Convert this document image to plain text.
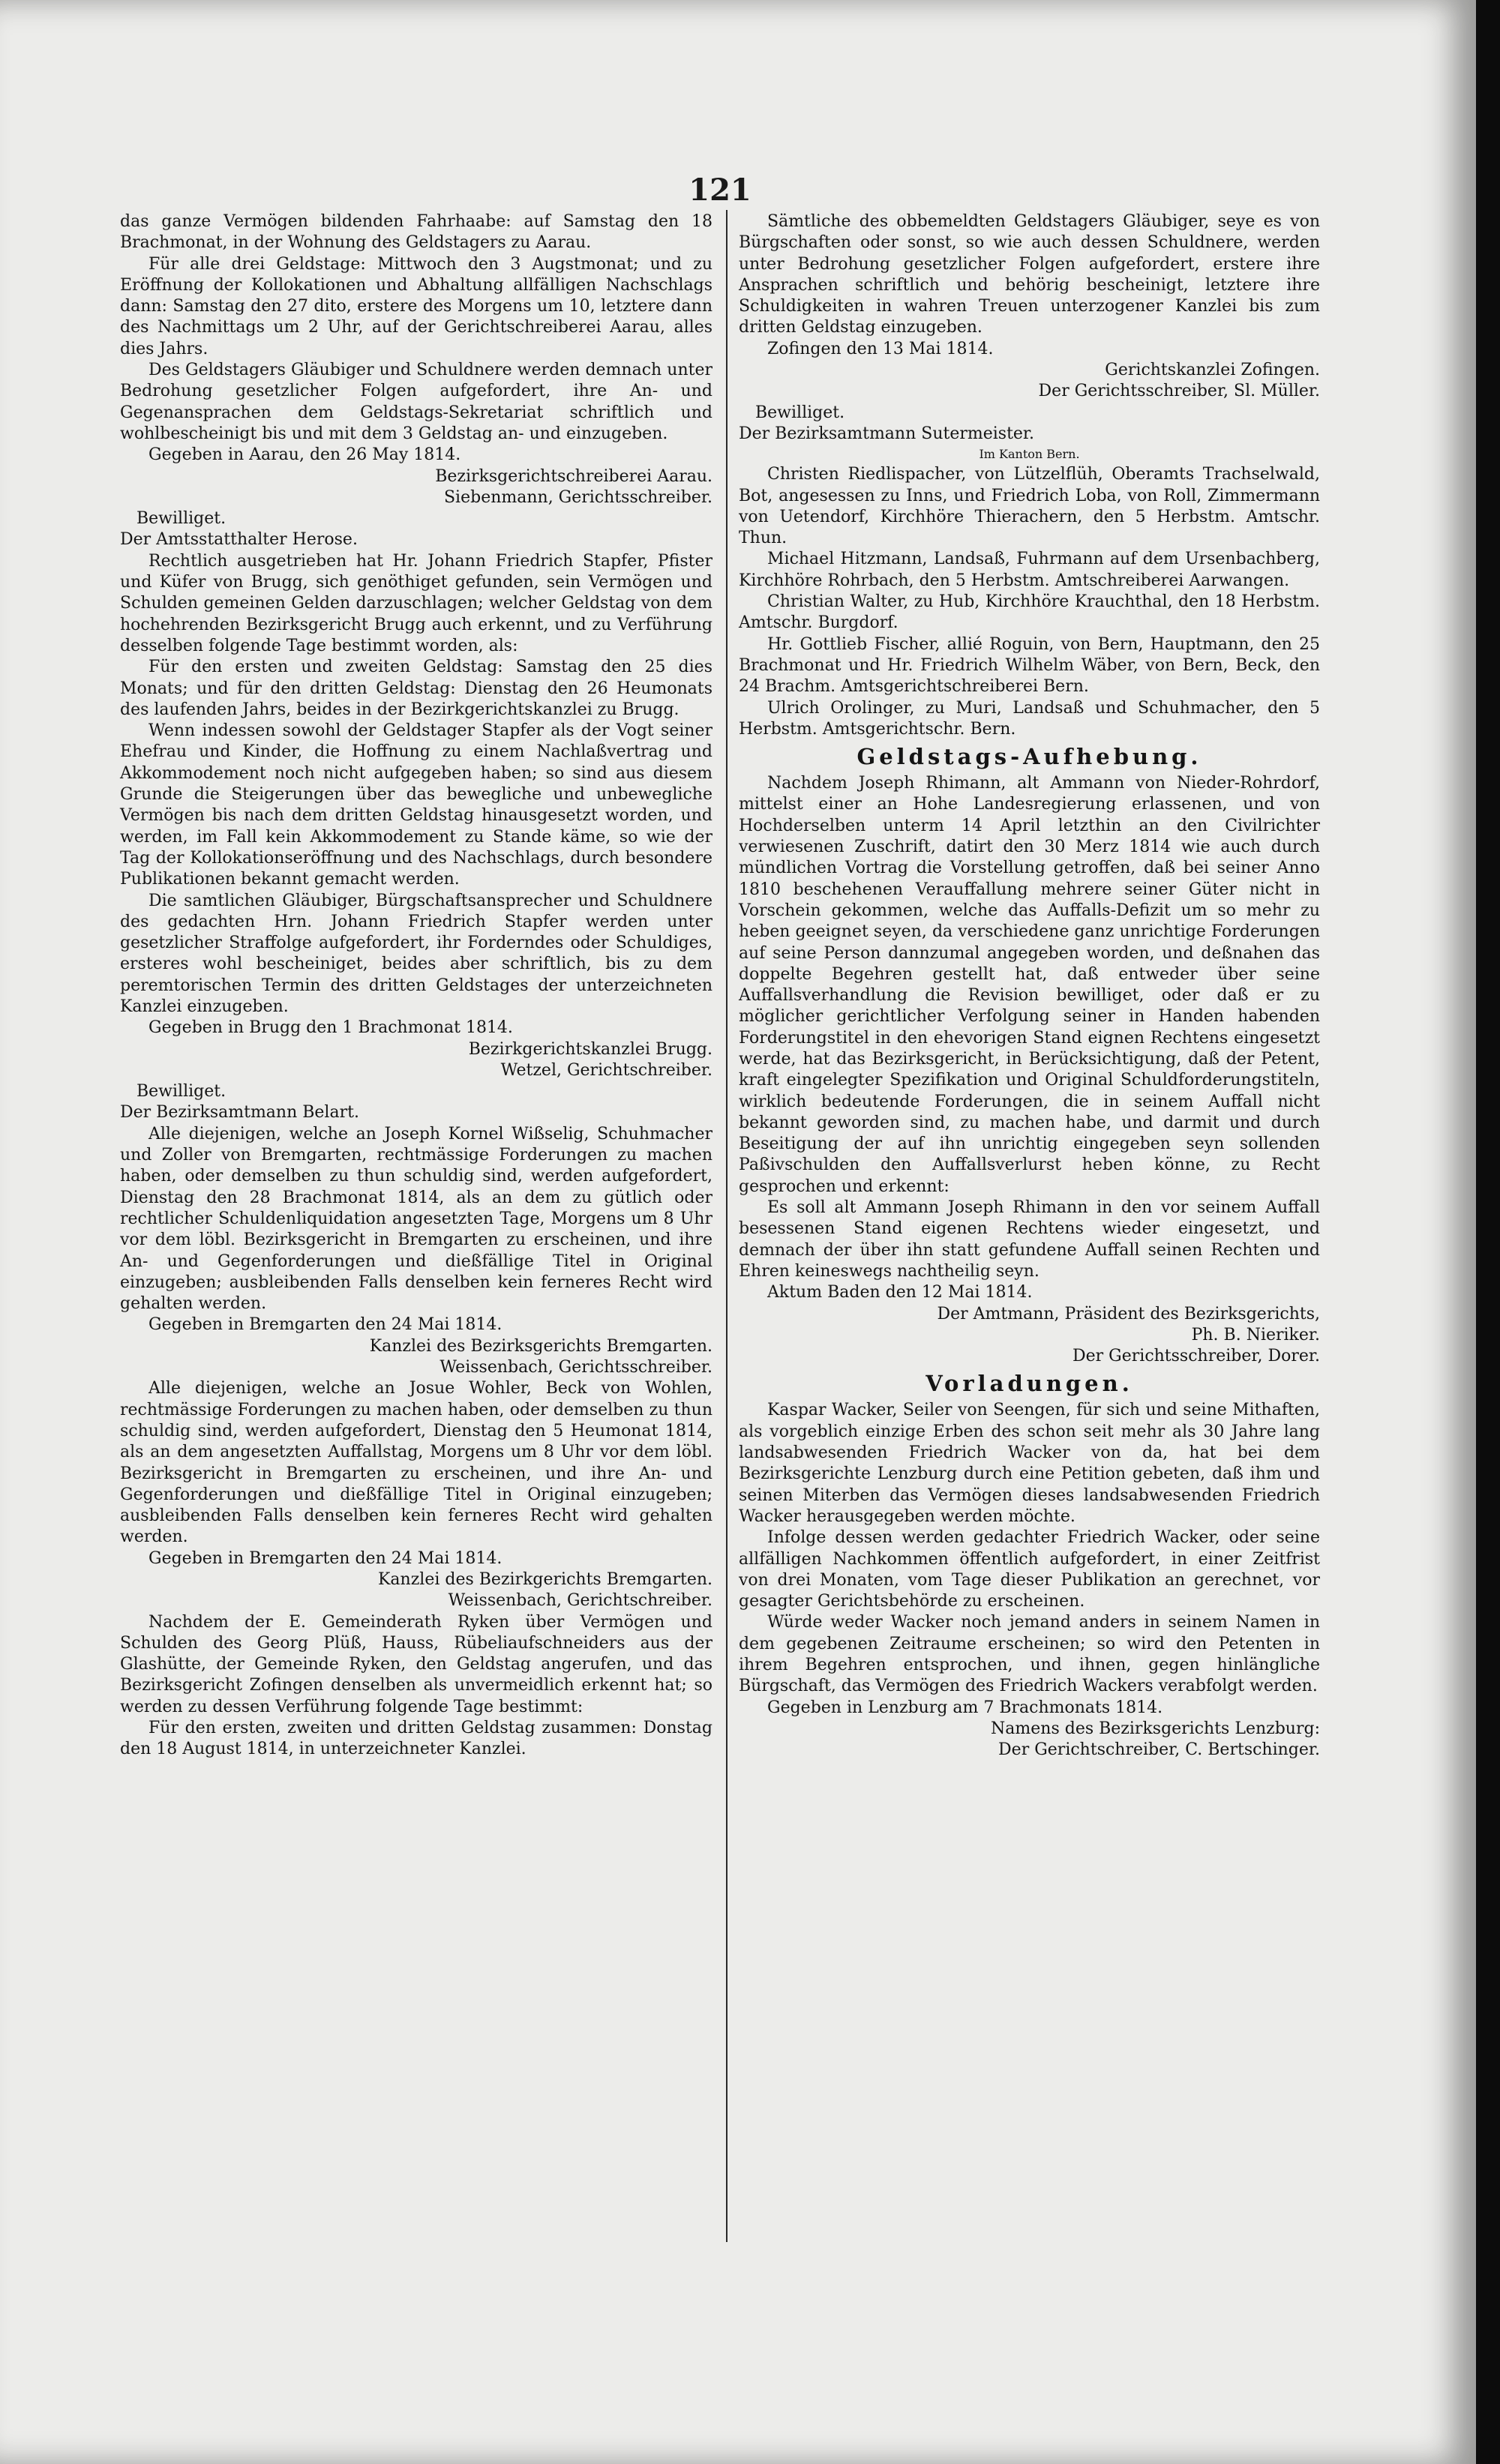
121

das ganze Vermögen bildenden Fahrhaabe: auf Samstag den 18 Brachmonat, in der Wohnung des Geldstagers zu Aarau.

Für alle drei Geldstage: Mittwoch den 3 Augstmonat; und zu Eröffnung der Kollokationen und Abhaltung allfälligen Nachschlags dann: Samstag den 27 dito, erstere des Morgens um 10, letztere dann des Nachmittags um 2 Uhr, auf der Gerichtschreiberei Aarau, alles dies Jahrs.

Des Geldstagers Gläubiger und Schuldnere werden demnach unter Bedrohung gesetzlicher Folgen aufgefordert, ihre An- und Gegenansprachen dem Geldstags-Sekretariat schriftlich und wohlbescheinigt bis und mit dem 3 Geldstag an- und einzugeben.

Gegeben in Aarau, den 26 May 1814.

Bezirksgerichtschreiberei Aarau.

Siebenmann, Gerichtsschreiber.

Bewilliget.

Der Amtsstatthalter Herose.

Rechtlich ausgetrieben hat Hr. Johann Friedrich Stapfer, Pfister und Küfer von Brugg, sich genöthiget gefunden, sein Vermögen und Schulden gemeinen Gelden darzuschlagen; welcher Geldstag von dem hochehrenden Bezirksgericht Brugg auch erkennt, und zu Verführung desselben folgende Tage bestimmt worden, als:

Für den ersten und zweiten Geldstag: Samstag den 25 dies Monats; und für den dritten Geldstag: Dienstag den 26 Heumonats des laufenden Jahrs, beides in der Bezirkgerichtskanzlei zu Brugg.

Wenn indessen sowohl der Geldstager Stapfer als der Vogt seiner Ehefrau und Kinder, die Hoffnung zu einem Nachlaßvertrag und Akkommodement noch nicht aufgegeben haben; so sind aus diesem Grunde die Steigerungen über das bewegliche und unbewegliche Vermögen bis nach dem dritten Geldstag hinausgesetzt worden, und werden, im Fall kein Akkommodement zu Stande käme, so wie der Tag der Kollokationseröffnung und des Nachschlags, durch besondere Publikationen bekannt gemacht werden.

Die samtlichen Gläubiger, Bürgschaftsansprecher und Schuldnere des gedachten Hrn. Johann Friedrich Stapfer werden unter gesetzlicher Straffolge aufgefordert, ihr Forderndes oder Schuldiges, ersteres wohl bescheiniget, beides aber schriftlich, bis zu dem peremtorischen Termin des dritten Geldstages der unterzeichneten Kanzlei einzugeben.

Gegeben in Brugg den 1 Brachmonat 1814.

Bezirkgerichtskanzlei Brugg.

Wetzel, Gerichtschreiber.

Bewilliget.

Der Bezirksamtmann Belart.

Alle diejenigen, welche an Joseph Kornel Wißselig, Schuhmacher und Zoller von Bremgarten, rechtmässige Forderungen zu machen haben, oder demselben zu thun schuldig sind, werden aufgefordert, Dienstag den 28 Brachmonat 1814, als an dem zu gütlich oder rechtlicher Schuldenliquidation angesetzten Tage, Morgens um 8 Uhr vor dem löbl. Bezirksgericht in Bremgarten zu erscheinen, und ihre An- und Gegenforderungen und dießfällige Titel in Original einzugeben; ausbleibenden Falls denselben kein ferneres Recht wird gehalten werden.

Gegeben in Bremgarten den 24 Mai 1814.

Kanzlei des Bezirksgerichts Bremgarten.

Weissenbach, Gerichtsschreiber.

Alle diejenigen, welche an Josue Wohler, Beck von Wohlen, rechtmässige Forderungen zu machen haben, oder demselben zu thun schuldig sind, werden aufgefordert, Dienstag den 5 Heumonat 1814, als an dem angesetzten Auffallstag, Morgens um 8 Uhr vor dem löbl. Bezirksgericht in Bremgarten zu erscheinen, und ihre An- und Gegenforderungen und dießfällige Titel in Original einzugeben; ausbleibenden Falls denselben kein ferneres Recht wird gehalten werden.

Gegeben in Bremgarten den 24 Mai 1814.

Kanzlei des Bezirkgerichts Bremgarten.

Weissenbach, Gerichtschreiber.

Nachdem der E. Gemeinderath Ryken über Vermögen und Schulden des Georg Plüß, Hauss, Rübeliaufschneiders aus der Glashütte, der Gemeinde Ryken, den Geldstag angerufen, und das Bezirksgericht Zofingen denselben als unvermeidlich erkennt hat; so werden zu dessen Verführung folgende Tage bestimmt:

Für den ersten, zweiten und dritten Geldstag zusammen: Donstag den 18 August 1814, in unterzeichneter Kanzlei.

Sämtliche des obbemeldten Geldstagers Gläubiger, seye es von Bürgschaften oder sonst, so wie auch dessen Schuldnere, werden unter Bedrohung gesetzlicher Folgen aufgefordert, erstere ihre Ansprachen schriftlich und behörig bescheinigt, letztere ihre Schuldigkeiten in wahren Treuen unterzogener Kanzlei bis zum dritten Geldstag einzugeben.

Zofingen den 13 Mai 1814.

Gerichtskanzlei Zofingen.

Der Gerichtsschreiber, Sl. Müller.

Bewilliget.

Der Bezirksamtmann Sutermeister.

Im Kanton Bern.

Christen Riedlispacher, von Lützelflüh, Oberamts Trachselwald, Bot, angesessen zu Inns, und Friedrich Loba, von Roll, Zimmermann von Uetendorf, Kirchhöre Thierachern, den 5 Herbstm. Amtschr. Thun.

Michael Hitzmann, Landsaß, Fuhrmann auf dem Ursenbachberg, Kirchhöre Rohrbach, den 5 Herbstm. Amtschreiberei Aarwangen.

Christian Walter, zu Hub, Kirchhöre Krauchthal, den 18 Herbstm. Amtschr. Burgdorf.

Hr. Gottlieb Fischer, allié Roguin, von Bern, Hauptmann, den 25 Brachmonat und Hr. Friedrich Wilhelm Wäber, von Bern, Beck, den 24 Brachm. Amtsgerichtschreiberei Bern.

Ulrich Orolinger, zu Muri, Landsaß und Schuhmacher, den 5 Herbstm. Amtsgerichtschr. Bern.

Geldstags-Aufhebung.

Nachdem Joseph Rhimann, alt Ammann von Nieder-Rohrdorf, mittelst einer an Hohe Landesregierung erlassenen, und von Hochderselben unterm 14 April letzthin an den Civilrichter verwiesenen Zuschrift, datirt den 30 Merz 1814 wie auch durch mündlichen Vortrag die Vorstellung getroffen, daß bei seiner Anno 1810 beschehenen Verauffallung mehrere seiner Güter nicht in Vorschein gekommen, welche das Auffalls-Defizit um so mehr zu heben geeignet seyen, da verschiedene ganz unrichtige Forderungen auf seine Person dannzumal angegeben worden, und deßnahen das doppelte Begehren gestellt hat, daß entweder über seine Auffallsverhandlung die Revision bewilliget, oder daß er zu möglicher gerichtlicher Verfolgung seiner in Handen habenden Forderungstitel in den ehevorigen Stand eignen Rechtens eingesetzt werde, hat das Bezirksgericht, in Berücksichtigung, daß der Petent, kraft eingelegter Spezifikation und Original Schuldforderungstiteln, wirklich bedeutende Forderungen, die in seinem Auffall nicht bekannt geworden sind, zu machen habe, und darmit und durch Beseitigung der auf ihn unrichtig eingegeben seyn sollenden Paßivschulden den Auffallsverlurst heben könne, zu Recht gesprochen und erkennt:

Es soll alt Ammann Joseph Rhimann in den vor seinem Auffall besessenen Stand eigenen Rechtens wieder eingesetzt, und demnach der über ihn statt gefundene Auffall seinen Rechten und Ehren keineswegs nachtheilig seyn.

Aktum Baden den 12 Mai 1814.

Der Amtmann, Präsident des Bezirksgerichts,

Ph. B. Nieriker.

Der Gerichtsschreiber, Dorer.

Vorladungen.

Kaspar Wacker, Seiler von Seengen, für sich und seine Mithaften, als vorgeblich einzige Erben des schon seit mehr als 30 Jahre lang landsabwesenden Friedrich Wacker von da, hat bei dem Bezirksgerichte Lenzburg durch eine Petition gebeten, daß ihm und seinen Miterben das Vermögen dieses landsabwesenden Friedrich Wacker herausgegeben werden möchte.

Infolge dessen werden gedachter Friedrich Wacker, oder seine allfälligen Nachkommen öffentlich aufgefordert, in einer Zeitfrist von drei Monaten, vom Tage dieser Publikation an gerechnet, vor gesagter Gerichtsbehörde zu erscheinen.

Würde weder Wacker noch jemand anders in seinem Namen in dem gegebenen Zeitraume erscheinen; so wird den Petenten in ihrem Begehren entsprochen, und ihnen, gegen hinlängliche Bürgschaft, das Vermögen des Friedrich Wackers verabfolgt werden.

Gegeben in Lenzburg am 7 Brachmonats 1814.

Namens des Bezirksgerichts Lenzburg:

Der Gerichtschreiber, C. Bertschinger.
